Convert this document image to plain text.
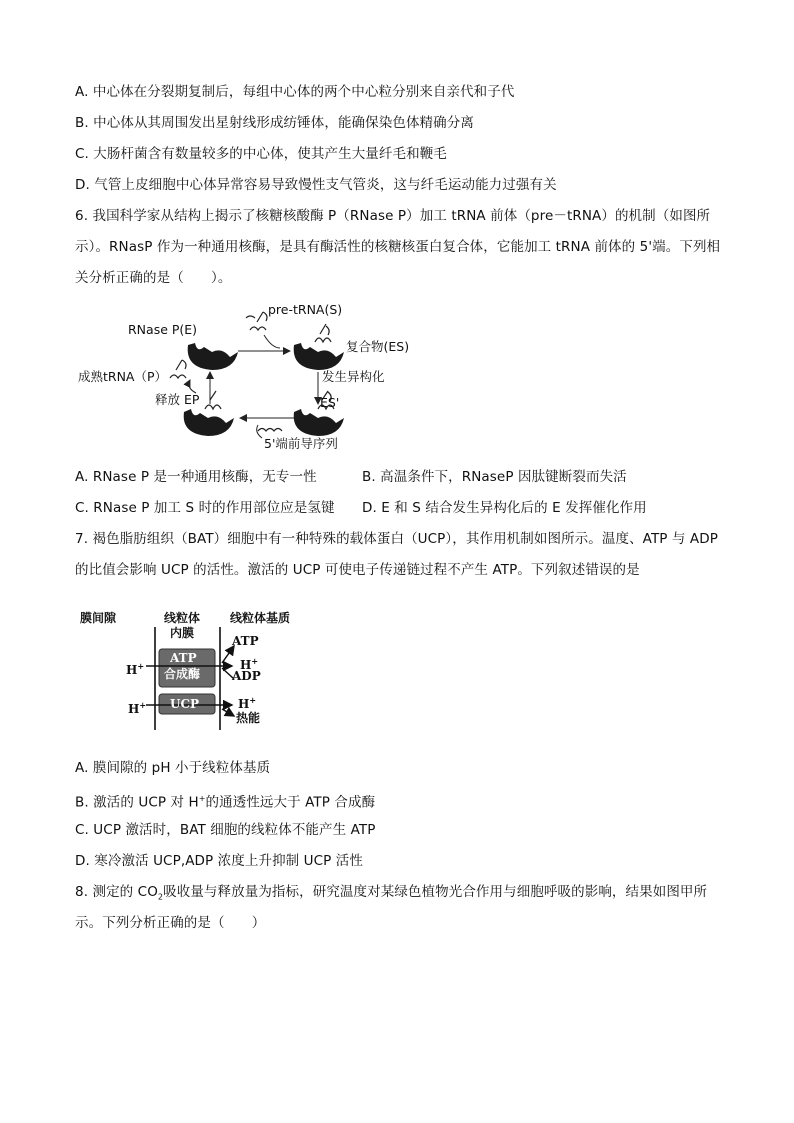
A. 中心体在分裂期复制后，每组中心体的两个中心粒分别来自亲代和子代
B. 中心体从其周围发出星射线形成纺锤体，能确保染色体精确分离
C. 大肠杆菌含有数量较多的中心体，使其产生大量纤毛和鞭毛
D. 气管上皮细胞中心体异常容易导致慢性支气管炎，这与纤毛运动能力过强有关
6. 我国科学家从结构上揭示了核糖核酸酶 P（RNase P）加工 tRNA 前体（pre－tRNA）的机制（如图所
示）。RNasP 作为一种通用核酶，是具有酶活性的核糖核蛋白复合体，它能加工 tRNA 前体的 5'端。下列相
关分析正确的是（　　）。
pre-tRNA(S)
RNase P(E)
复合物(ES)
发生异构化
成熟tRNA（P）
释放 EP	ES'
5'端前导序列
A. RNase P 是一种通用核酶，无专一性	B. 高温条件下，RNaseP 因肽键断裂而失活
C. RNase P 加工 S 时的作用部位应是氢键 D. E 和 S 结合发生异构化后的 E 发挥催化作用
7. 褐色脂肪组织（BAT）细胞中有一种特殊的载体蛋白（UCP），其作用机制如图所示。温度、ATP 与 ADP
的比值会影响 UCP 的活性。激活的 UCP 可使电子传递链过程不产生 ATP。下列叙述错误的是
膜间隙	线粒体
内膜
线粒体基质
ATP
合成酶
UCP
H+
H+
ATP
H+
ADP
H+
热能
A. 膜间隙的 pH 小于线粒体基质
B. 激活的 UCP 对 H+的通透性远大于 ATP 合成酶
C. UCP 激活时，BAT 细胞的线粒体不能产生 ATP
D. 寒冷激活 UCP,ADP 浓度上升抑制 UCP 活性
8. 测定的 $CO_2$吸收量与释放量为指标，研究温度对某绿色植物光合作用与细胞呼吸的影响，结果如图甲所
示。下列分析正确的是（　　）
